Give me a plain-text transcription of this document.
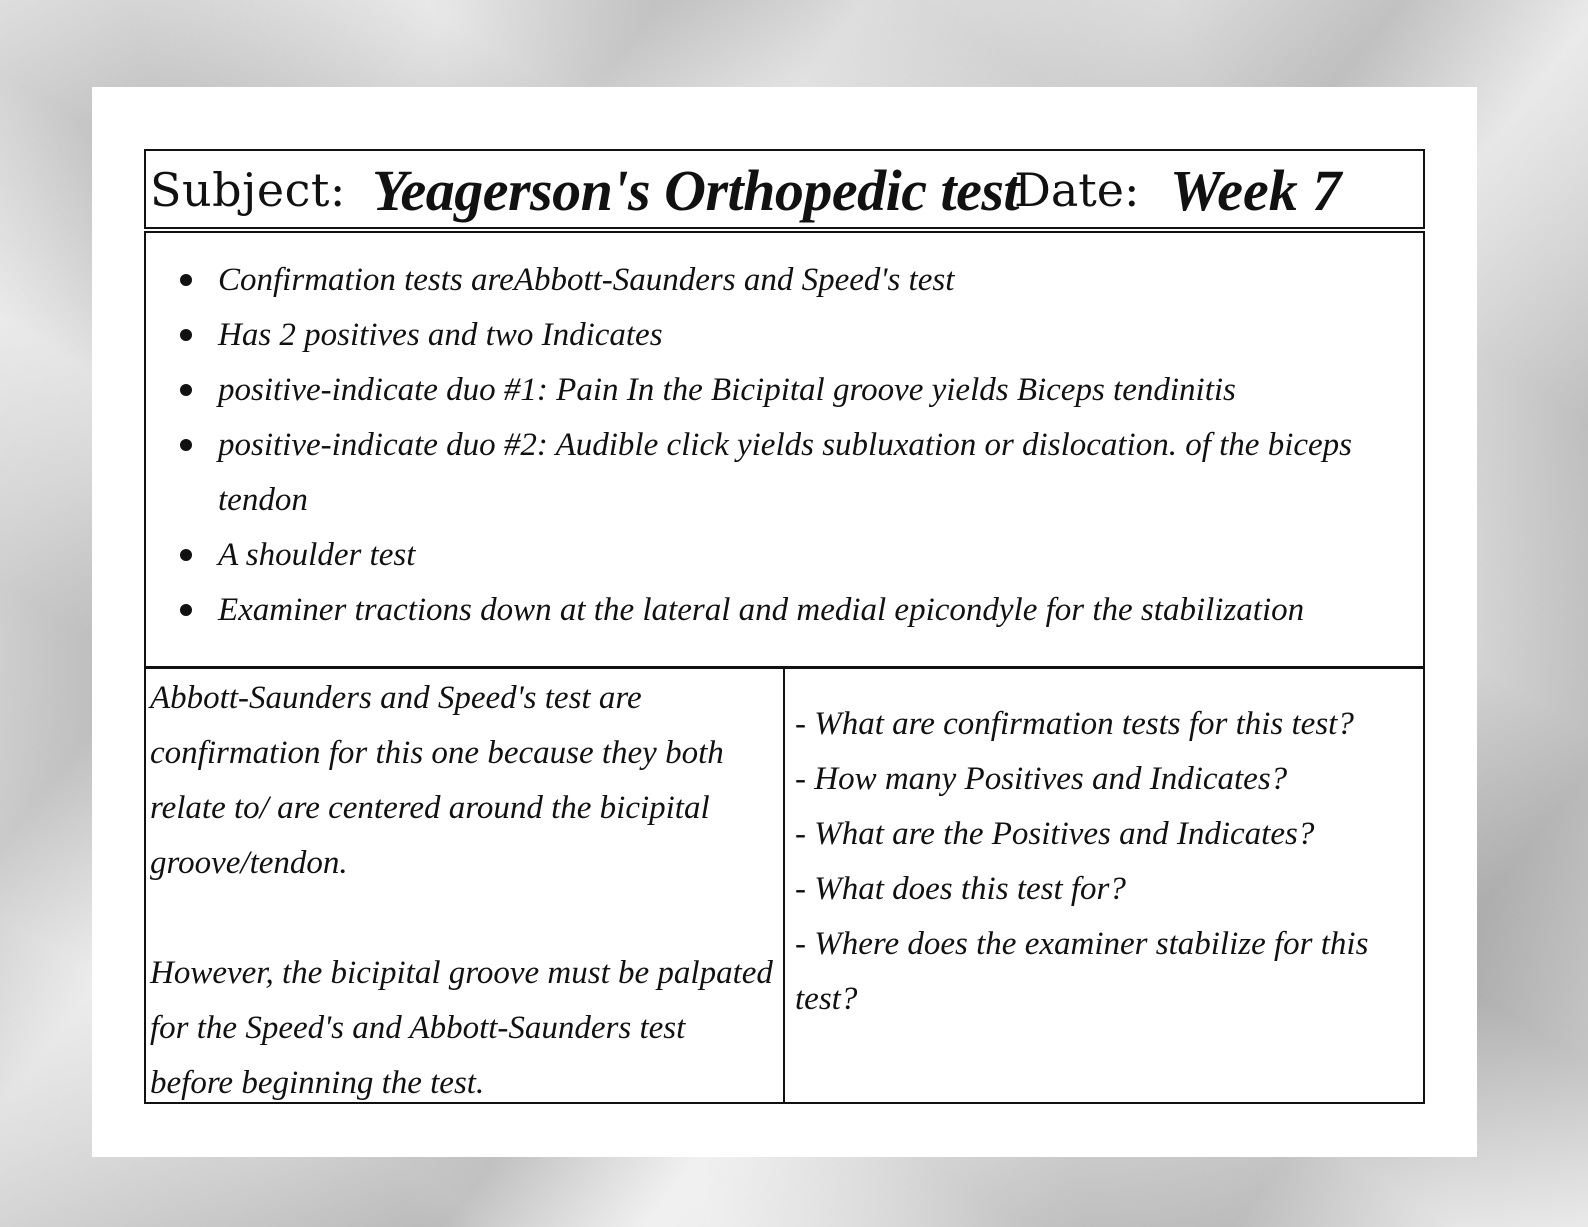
Subject: Yeagerson's Orthopedic test
Date: Week 7
Confirmation tests areAbbott-Saunders and Speed's test
Has 2 positives and two Indicates
positive-indicate duo #1: Pain In the Bicipital groove yields Biceps tendinitis
positive-indicate duo #2: Audible click yields subluxation or dislocation. of the biceps tendon
A shoulder test
Examiner tractions down at the lateral and medial epicondyle for the stabilization

Abbott-Saunders and Speed's test are confirmation for this one because they both relate to/ are centered around the bicipital groove/tendon.

However, the bicipital groove must be palpated for the Speed's and Abbott-Saunders test before beginning the test.

- What are confirmation tests for this test?

- How many Positives and Indicates?

- What are the Positives and Indicates?

- What does this test for?

- Where does the examiner stabilize for this test?
